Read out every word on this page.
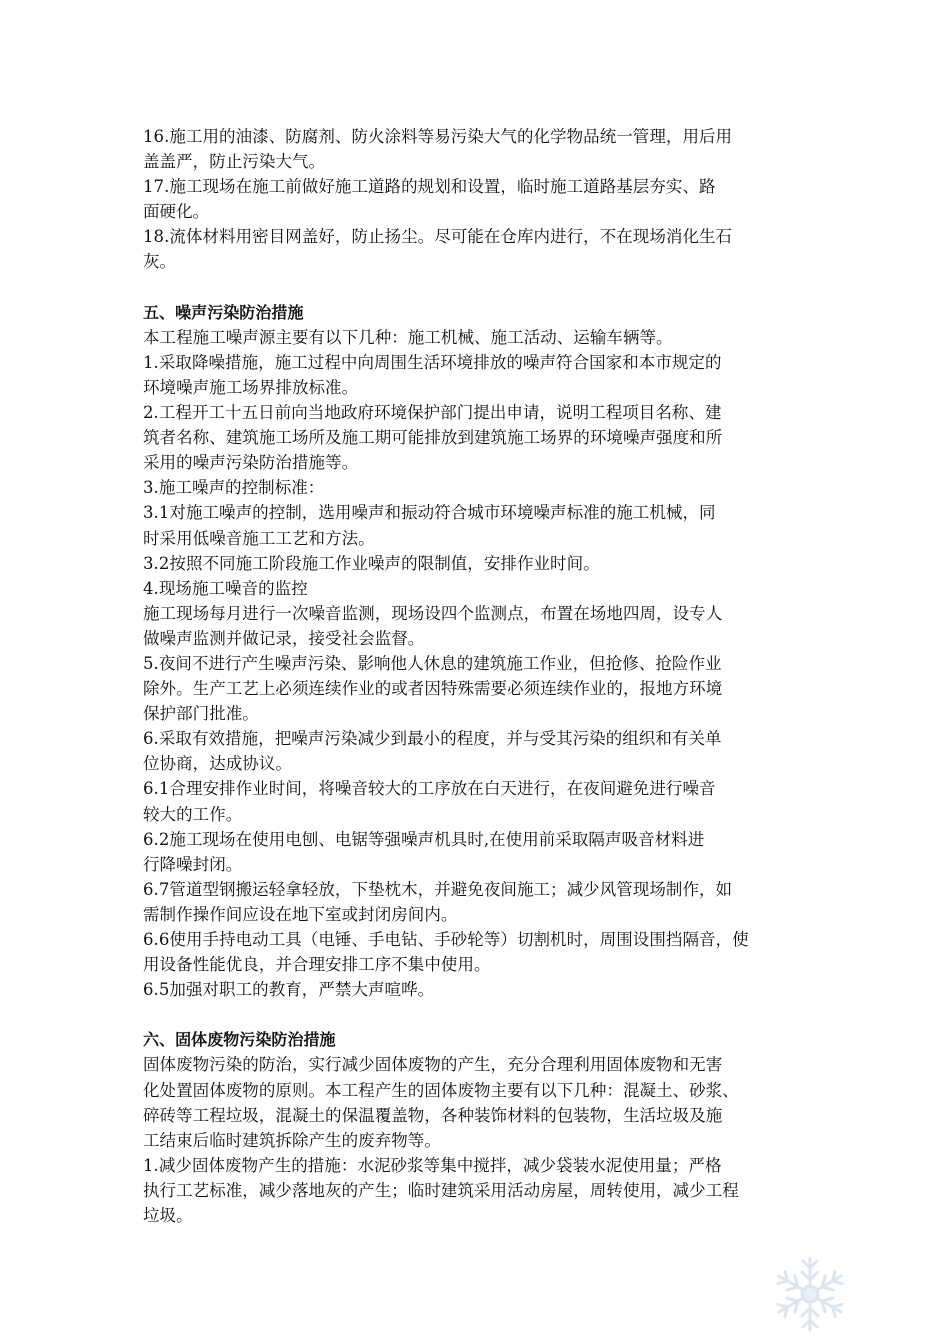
16.施工用的油漆、防腐剂、防火涂料等易污染大气的化学物品统一管理，用后用
盖盖严，防止污染大气。
17.施工现场在施工前做好施工道路的规划和设置，临时施工道路基层夯实、路
面硬化。
18.流体材料用密目网盖好，防止扬尘。尽可能在仓库内进行，不在现场消化生石
灰。
五、噪声污染防治措施
本工程施工噪声源主要有以下几种：施工机械、施工活动、运输车辆等。
1.采取降噪措施，施工过程中向周围生活环境排放的噪声符合国家和本市规定的
环境噪声施工场界排放标准。
2.工程开工十五日前向当地政府环境保护部门提出申请，说明工程项目名称、建
筑者名称、建筑施工场所及施工期可能排放到建筑施工场界的环境噪声强度和所
采用的噪声污染防治措施等。
3.施工噪声的控制标准：
3.1对施工噪声的控制，选用噪声和振动符合城市环境噪声标准的施工机械，同
时采用低噪音施工工艺和方法。
3.2按照不同施工阶段施工作业噪声的限制值，安排作业时间。
4.现场施工噪音的监控
施工现场每月进行一次噪音监测，现场设四个监测点，布置在场地四周，设专人
做噪声监测并做记录，接受社会监督。
5.夜间不进行产生噪声污染、影响他人休息的建筑施工作业，但抢修、抢险作业
除外。生产工艺上必须连续作业的或者因特殊需要必须连续作业的，报地方环境
保护部门批准。
6.采取有效措施，把噪声污染减少到最小的程度，并与受其污染的组织和有关单
位协商，达成协议。
6.1合理安排作业时间，将噪音较大的工序放在白天进行，在夜间避免进行噪音
较大的工作。
6.2施工现场在使用电刨、电锯等强噪声机具时,在使用前采取隔声吸音材料进
行降噪封闭。
6.7管道型钢搬运轻拿轻放，下垫枕木，并避免夜间施工；减少风管现场制作，如
需制作操作间应设在地下室或封闭房间内。
6.6使用手持电动工具（电锤、手电钻、手砂轮等）切割机时，周围设围挡隔音，使
用设备性能优良，并合理安排工序不集中使用。
6.5加强对职工的教育，严禁大声喧哗。
六、固体废物污染防治措施
固体废物污染的防治，实行减少固体废物的产生，充分合理利用固体废物和无害
化处置固体废物的原则。本工程产生的固体废物主要有以下几种：混凝土、砂浆、
碎砖等工程垃圾，混凝土的保温覆盖物，各种装饰材料的包装物，生活垃圾及施
工结束后临时建筑拆除产生的废弃物等。
1.减少固体废物产生的措施：水泥砂浆等集中搅拌，减少袋装水泥使用量；严格
执行工艺标准，减少落地灰的产生；临时建筑采用活动房屋，周转使用，减少工程
垃圾。
